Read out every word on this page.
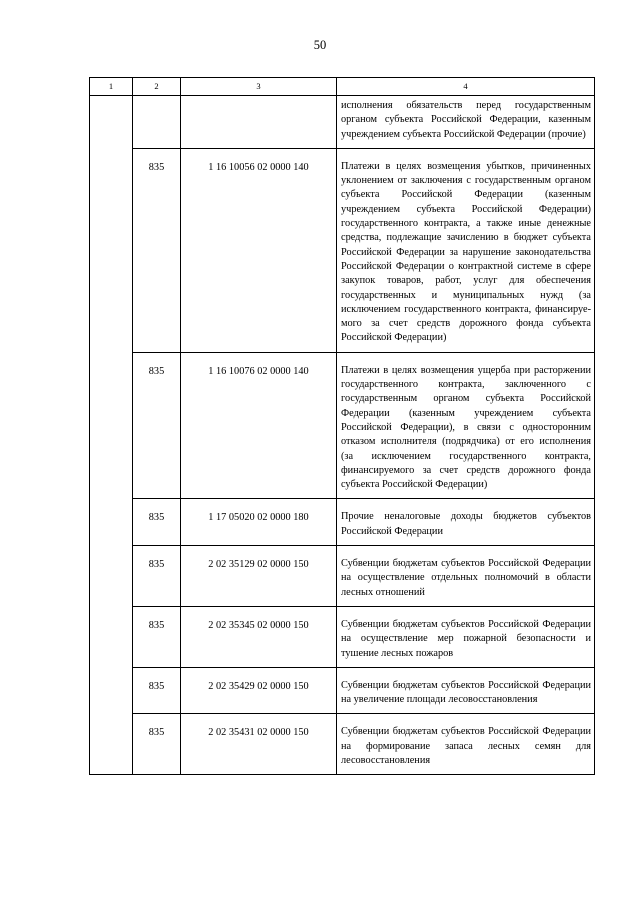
50
1	2	3	4
			исполнения обязательств перед государственным органом субъекта Российской Федерации, казенным учреждением субъекта Российской Федерации (прочие)
	835	1 16 10056 02 0000 140	Платежи в целях возмещения убытков, причиненных уклонением от заключения с государственным органом субъекта Российской Федерации (казенным учреждением субъекта Российской Федерации) государственного контракта, а также иные денежные средства, подлежащие зачислению в бюджет субъекта Российской Федерации за нарушение законодательства Российской Федерации о контрактной системе в сфере закупок товаров, работ, услуг для обеспечения государственных и муниципальных нужд (за исключением государственного контракта, финансируемого за счет средств дорожного фонда субъекта Российской Федерации)
	835	1 16 10076 02 0000 140	Платежи в целях возмещения ущерба при расторжении государственного контракта, заключенного с государственным органом субъекта Российской Федерации (казенным учреждением субъекта Российской Федерации), в связи с односторонним отказом исполнителя (подрядчика) от его исполнения (за исключением государственного контракта, финансируемого за счет средств дорожного фонда субъекта Российской Федерации)
	835	1 17 05020 02 0000 180	Прочие неналоговые доходы бюджетов субъектов Российской Федерации
	835	2 02 35129 02 0000 150	Субвенции бюджетам субъектов Российской Федерации на осуществление отдельных полномочий в области лесных отношений
	835	2 02 35345 02 0000 150	Субвенции бюджетам субъектов Российской Федерации на осуществление мер пожарной безопасности и тушение лесных пожаров
	835	2 02 35429 02 0000 150	Субвенции бюджетам субъектов Российской Федерации на увеличение площади лесовосстановления
	835	2 02 35431 02 0000 150	Субвенции бюджетам субъектов Российской Федерации на формирование запаса лесных семян для лесовосстановления
